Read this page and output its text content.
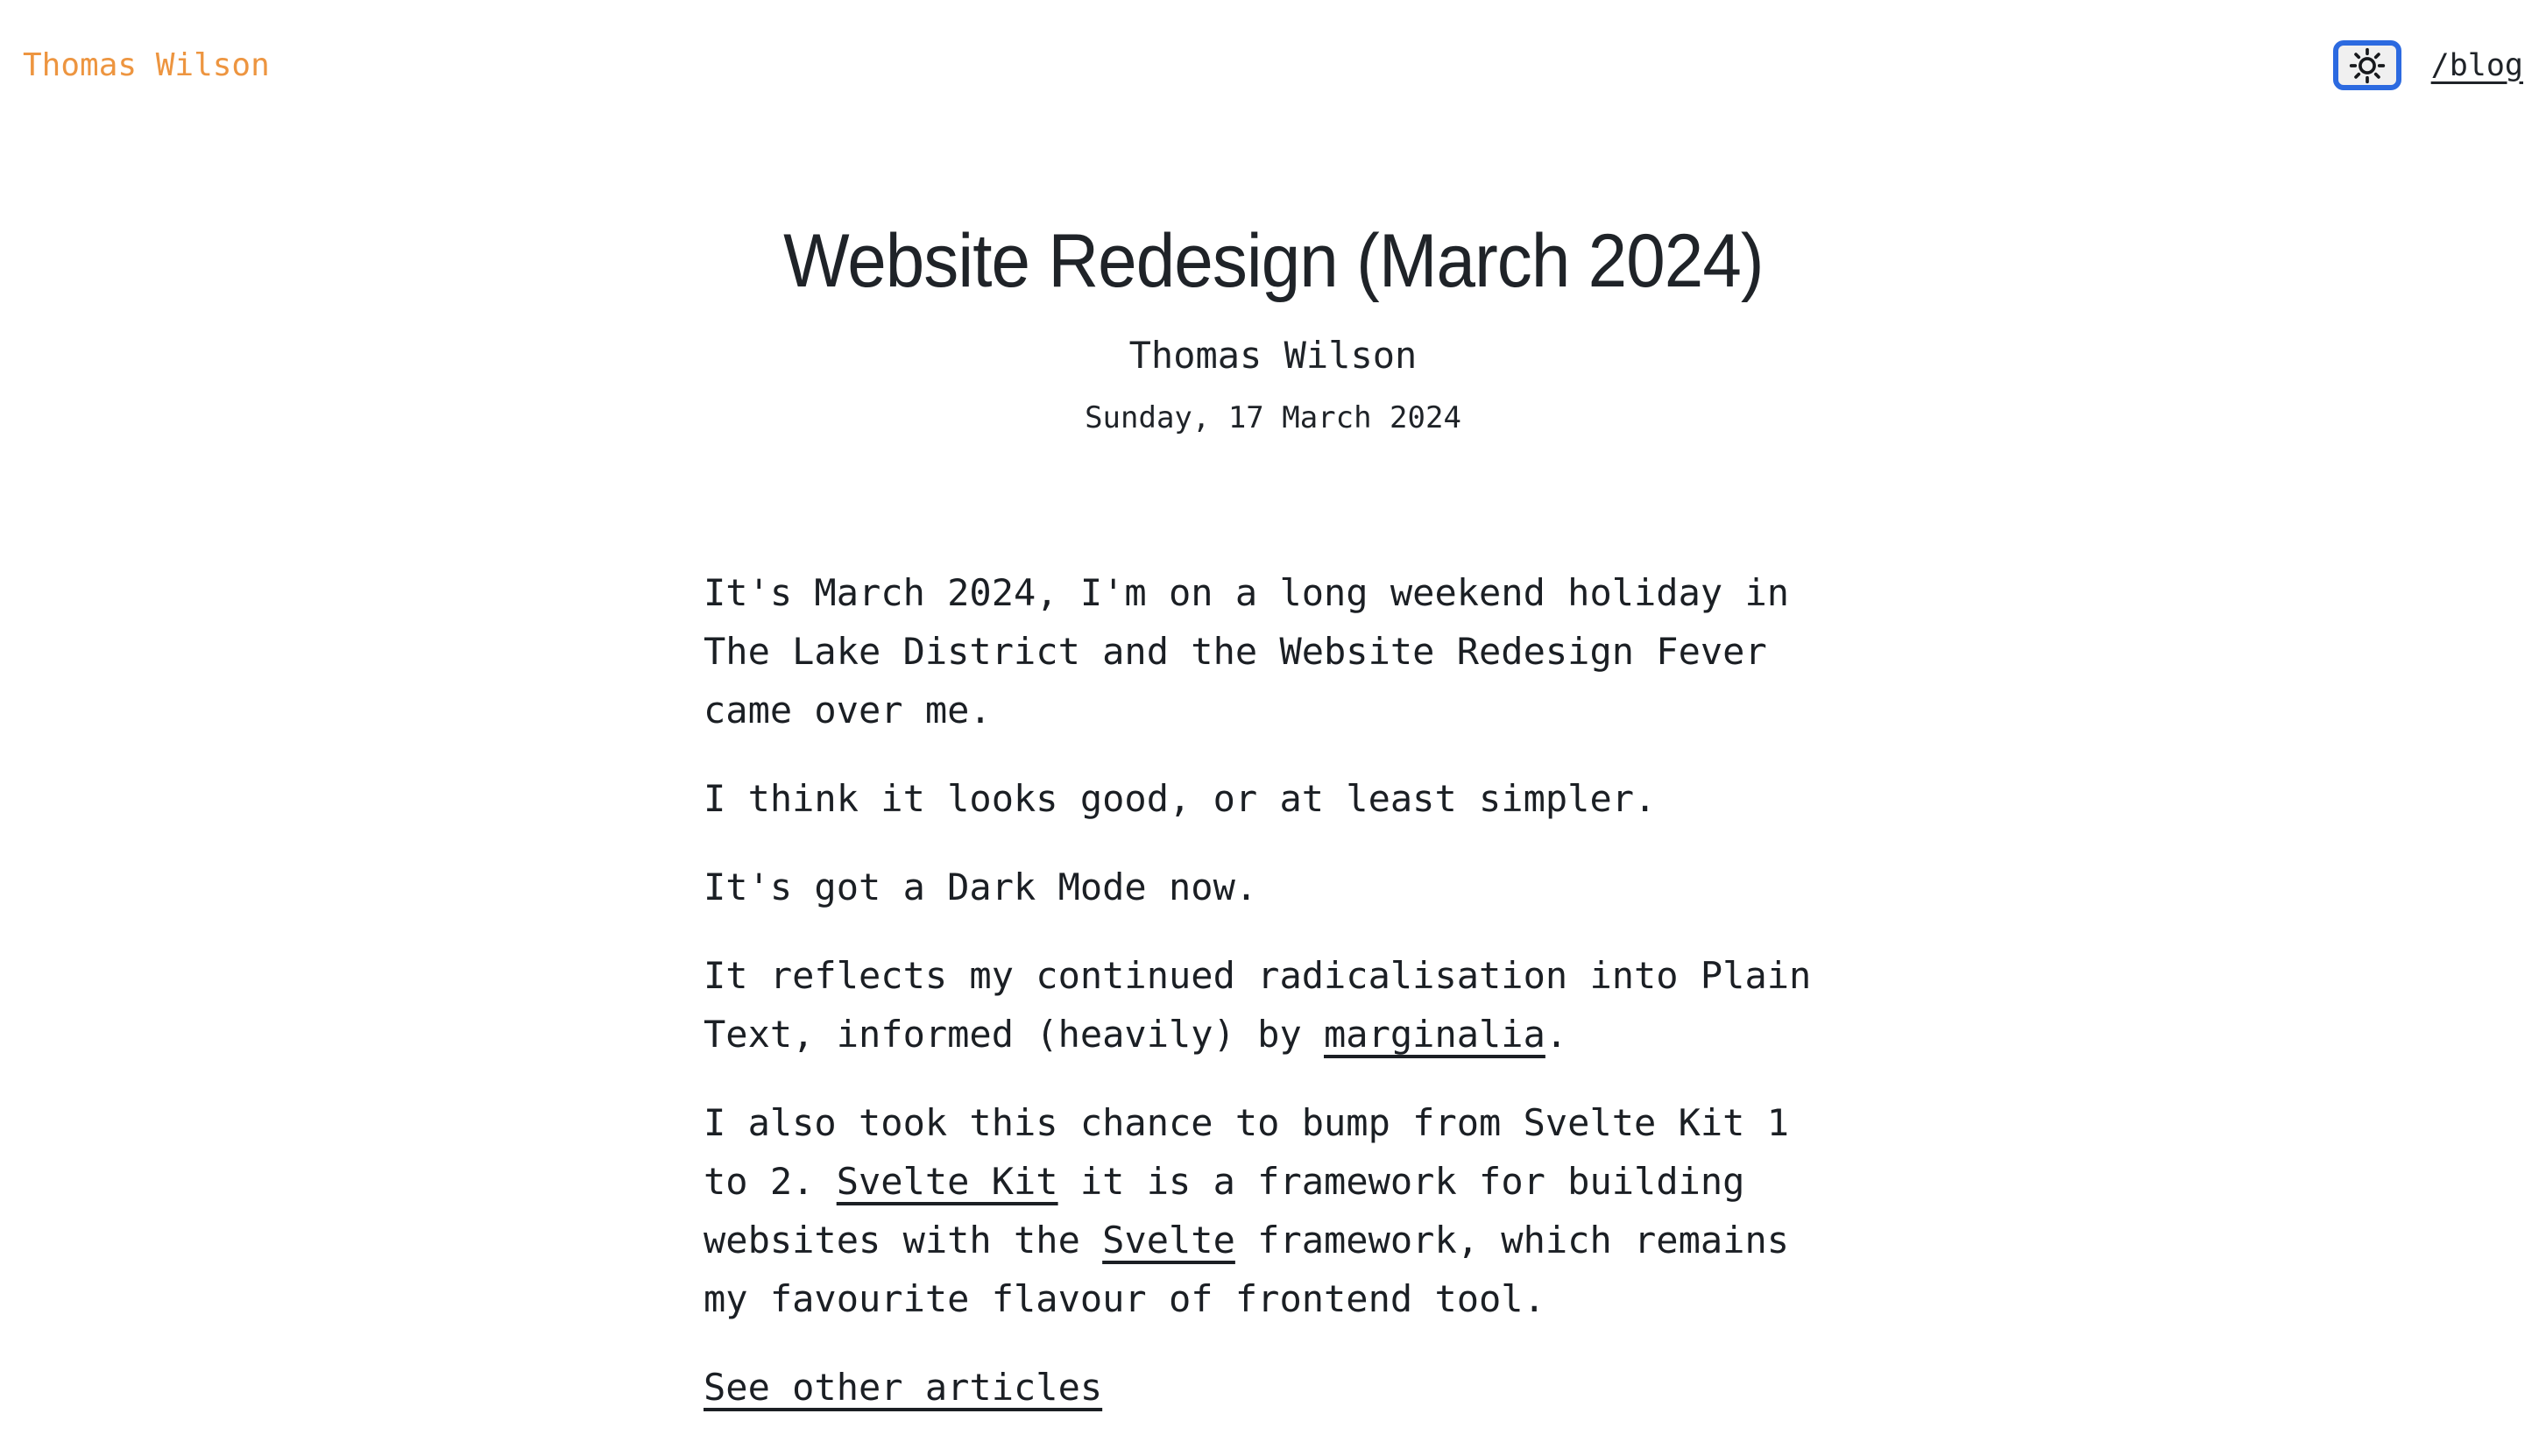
Thomas Wilson	/blog
Website Redesign (March 2024)
Thomas Wilson
Sunday, 17 March 2024

It's March 2024, I'm on a long weekend holiday in The Lake District and the Website Redesign Fever came over me.

I think it looks good, or at least simpler.

It's got a Dark Mode now.

It reflects my continued radicalisation into Plain Text, informed (heavily) by marginalia.

I also took this chance to bump from Svelte Kit 1 to 2. Svelte Kit it is a framework for building websites with the Svelte framework, which remains my favourite flavour of frontend tool.

See other articles
